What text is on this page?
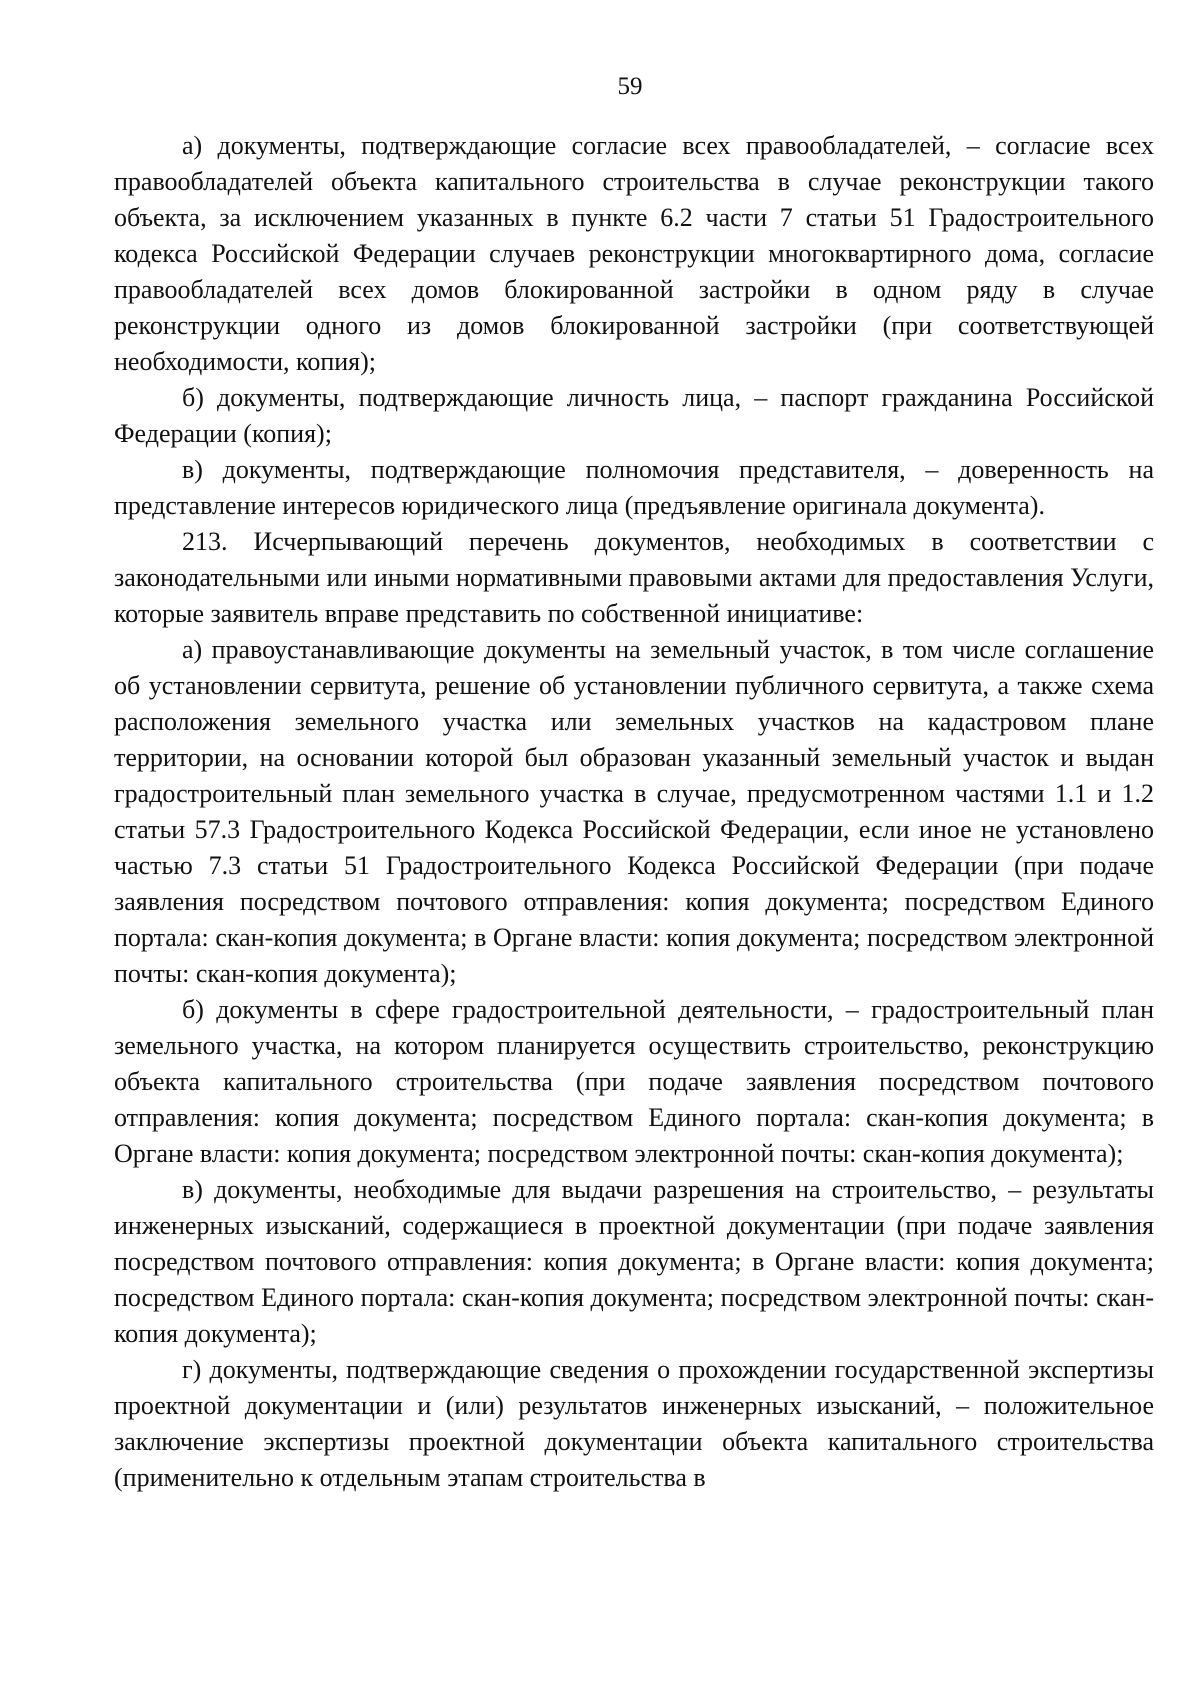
59

а) документы, подтверждающие согласие всех правообладателей, – согласие всех правообладателей объекта капитального строительства в случае реконструкции такого объекта, за исключением указанных в пункте 6.2 части 7 статьи 51 Градостроительного кодекса Российской Федерации случаев реконструкции многоквартирного дома, согласие правообладателей всех домов блокированной застройки в одном ряду в случае реконструкции одного из домов блокированной застройки (при соответствующей необходимости, копия);

б) документы, подтверждающие личность лица, – паспорт гражданина Российской Федерации (копия);

в) документы, подтверждающие полномочия представителя, – доверенность на представление интересов юридического лица (предъявление оригинала документа).

213. Исчерпывающий перечень документов, необходимых в соответствии с законодательными или иными нормативными правовыми актами для предоставления Услуги, которые заявитель вправе представить по собственной инициативе:

а) правоустанавливающие документы на земельный участок, в том числе соглашение об установлении сервитута, решение об установлении публичного сервитута, а также схема расположения земельного участка или земельных участков на кадастровом плане территории, на основании которой был образован указанный земельный участок и выдан градостроительный план земельного участка в случае, предусмотренном частями 1.1 и 1.2 статьи 57.3 Градостроительного Кодекса Российской Федерации, если иное не установлено частью 7.3 статьи 51 Градостроительного Кодекса Российской Федерации (при подаче заявления посредством почтового отправления: копия документа; посредством Единого портала: скан-копия документа; в Органе власти: копия документа; посредством электронной почты: скан-копия документа);

б) документы в сфере градостроительной деятельности, – градостроительный план земельного участка, на котором планируется осуществить строительство, реконструкцию объекта капитального строительства (при подаче заявления посредством почтового отправления: копия документа; посредством Единого портала: скан-копия документа; в Органе власти: копия документа; посредством электронной почты: скан-копия документа);

в) документы, необходимые для выдачи разрешения на строительство, – результаты инженерных изысканий, содержащиеся в проектной документации (при подаче заявления посредством почтового отправления: копия документа; в Органе власти: копия документа; посредством Единого портала: скан-копия документа; посредством электронной почты: скан-копия документа);

г) документы, подтверждающие сведения о прохождении государственной экспертизы проектной документации и (или) результатов инженерных изысканий, – положительное заключение экспертизы проектной документации объекта капитального строительства (применительно к отдельным этапам строительства в
